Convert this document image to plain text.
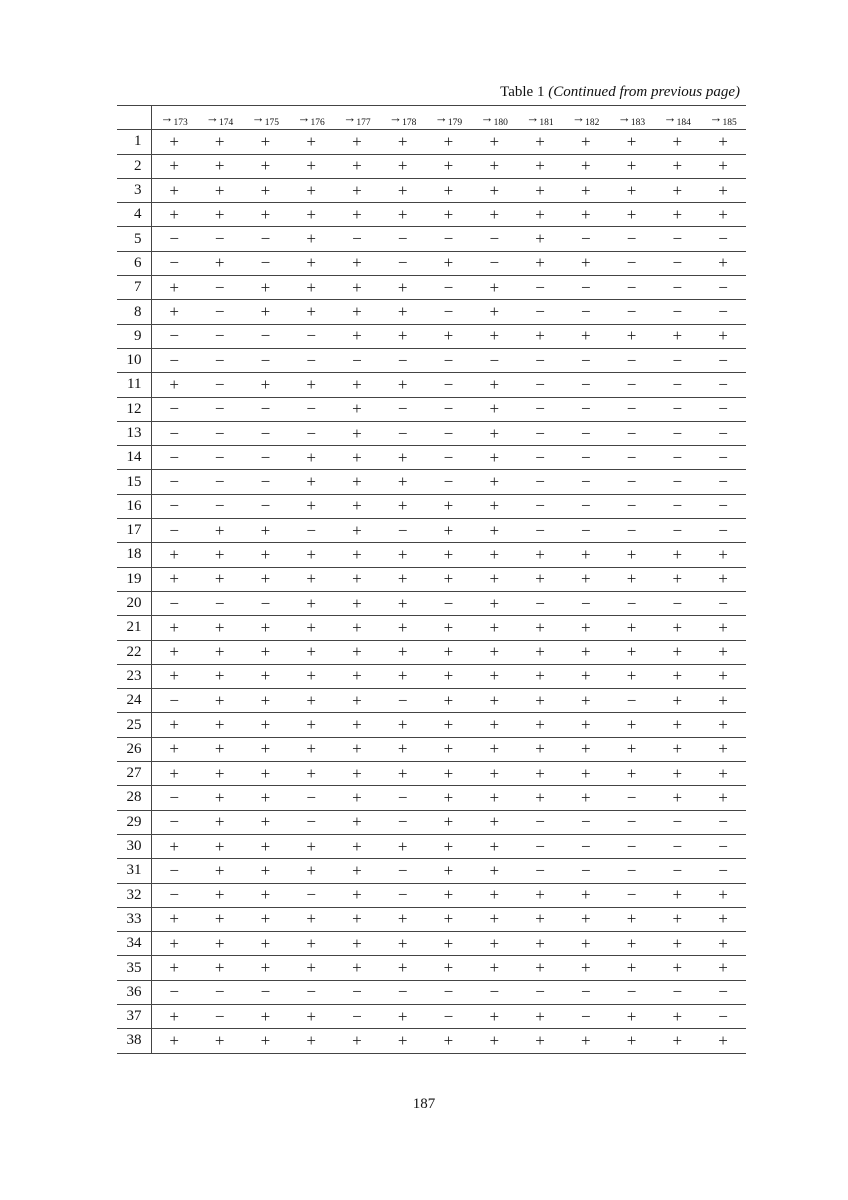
Table 1 (Continued from previous page)
	$\to_{173}$	$\to_{174}$	$\to_{175}$	$\to_{176}$	$\to_{177}$	$\to_{178}$	$\to_{179}$	$\to_{180}$	$\to_{181}$	$\to_{182}$	$\to_{183}$	$\to_{184}$	$\to_{185}$
1	+	+	+	+	+	+	+	+	+	+	+	+	+
2	+	+	+	+	+	+	+	+	+	+	+	+	+
3	+	+	+	+	+	+	+	+	+	+	+	+	+
4	+	+	+	+	+	+	+	+	+	+	+	+	+
5	−	−	−	+	−	−	−	−	+	−	−	−	−
6	−	+	−	+	+	−	+	−	+	+	−	−	+
7	+	−	+	+	+	+	−	+	−	−	−	−	−
8	+	−	+	+	+	+	−	+	−	−	−	−	−
9	−	−	−	−	+	+	+	+	+	+	+	+	+
10	−	−	−	−	−	−	−	−	−	−	−	−	−
11	+	−	+	+	+	+	−	+	−	−	−	−	−
12	−	−	−	−	+	−	−	+	−	−	−	−	−
13	−	−	−	−	+	−	−	+	−	−	−	−	−
14	−	−	−	+	+	+	−	+	−	−	−	−	−
15	−	−	−	+	+	+	−	+	−	−	−	−	−
16	−	−	−	+	+	+	+	+	−	−	−	−	−
17	−	+	+	−	+	−	+	+	−	−	−	−	−
18	+	+	+	+	+	+	+	+	+	+	+	+	+
19	+	+	+	+	+	+	+	+	+	+	+	+	+
20	−	−	−	+	+	+	−	+	−	−	−	−	−
21	+	+	+	+	+	+	+	+	+	+	+	+	+
22	+	+	+	+	+	+	+	+	+	+	+	+	+
23	+	+	+	+	+	+	+	+	+	+	+	+	+
24	−	+	+	+	+	−	+	+	+	+	−	+	+
25	+	+	+	+	+	+	+	+	+	+	+	+	+
26	+	+	+	+	+	+	+	+	+	+	+	+	+
27	+	+	+	+	+	+	+	+	+	+	+	+	+
28	−	+	+	−	+	−	+	+	+	+	−	+	+
29	−	+	+	−	+	−	+	+	−	−	−	−	−
30	+	+	+	+	+	+	+	+	−	−	−	−	−
31	−	+	+	+	+	−	+	+	−	−	−	−	−
32	−	+	+	−	+	−	+	+	+	+	−	+	+
33	+	+	+	+	+	+	+	+	+	+	+	+	+
34	+	+	+	+	+	+	+	+	+	+	+	+	+
35	+	+	+	+	+	+	+	+	+	+	+	+	+
36	−	−	−	−	−	−	−	−	−	−	−	−	−
37	+	−	+	+	−	+	−	+	+	−	+	+	−
38	+	+	+	+	+	+	+	+	+	+	+	+	+
187
